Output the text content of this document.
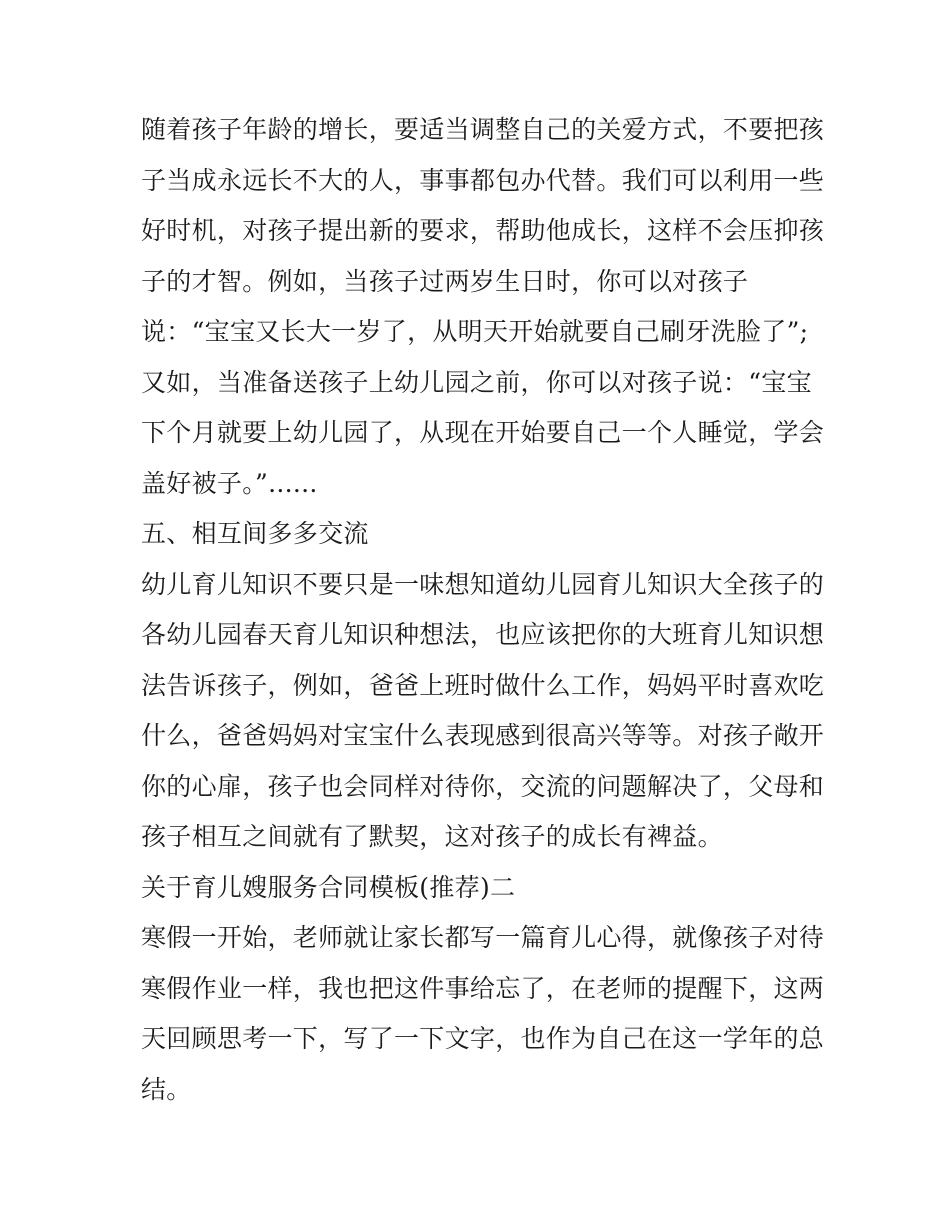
随着孩子年龄的增长，要适当调整自己的关爱方式，不要把孩
子当成永远长不大的人，事事都包办代替。我们可以利用一些
好时机，对孩子提出新的要求，帮助他成长，这样不会压抑孩
子的才智。例如，当孩子过两岁生日时，你可以对孩子
说：“宝宝又长大一岁了，从明天开始就要自己刷牙洗脸了”;
又如，当准备送孩子上幼儿园之前，你可以对孩子说：“宝宝
下个月就要上幼儿园了，从现在开始要自己一个人睡觉，学会
盖好被子。”......
五、相互间多多交流
幼儿育儿知识不要只是一味想知道幼儿园育儿知识大全孩子的
各幼儿园春天育儿知识种想法，也应该把你的大班育儿知识想
法告诉孩子，例如，爸爸上班时做什么工作，妈妈平时喜欢吃
什么，爸爸妈妈对宝宝什么表现感到很高兴等等。对孩子敞开
你的心扉，孩子也会同样对待你，交流的问题解决了，父母和
孩子相互之间就有了默契，这对孩子的成长有裨益。
关于育儿嫂服务合同模板(推荐)二
寒假一开始，老师就让家长都写一篇育儿心得，就像孩子对待
寒假作业一样，我也把这件事给忘了，在老师的提醒下，这两
天回顾思考一下，写了一下文字，也作为自己在这一学年的总
结。
